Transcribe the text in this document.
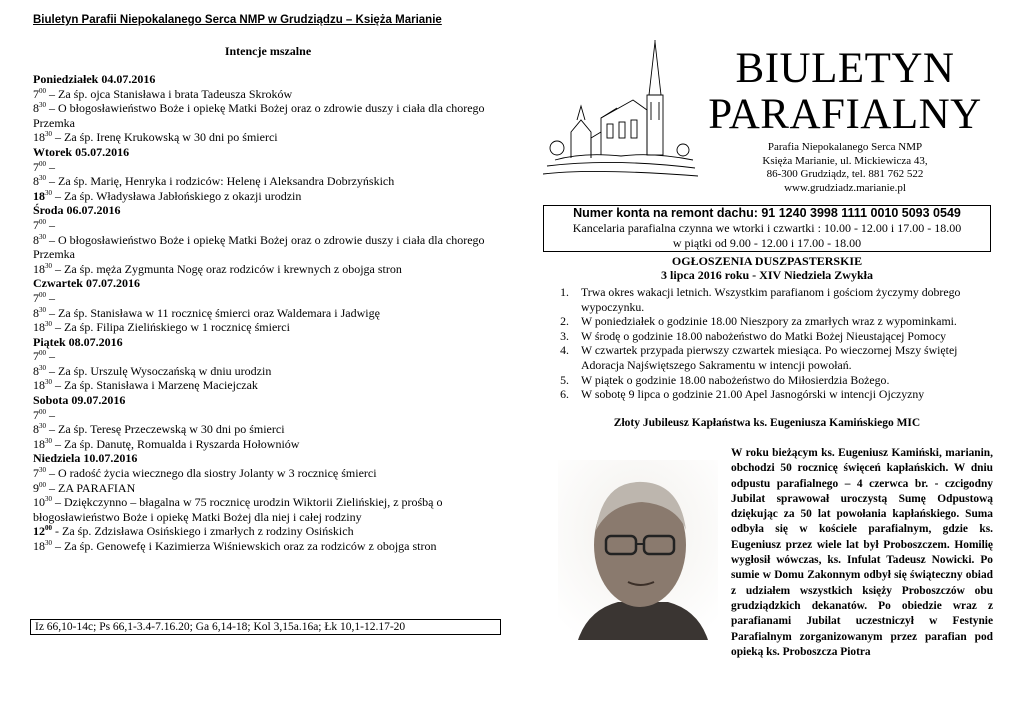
Biuletyn Parafii Niepokalanego Serca NMP w Grudziądzu – Księża Marianie
Intencje mszalne
Poniedziałek 04.07.2016
$7^{00}$ – Za śp. ojca Stanisława i brata Tadeusza Skroków
$8^{30}$ – O błogosławieństwo Boże i opiekę Matki Bożej oraz o zdrowie duszy i ciała dla chorego Przemka
$18^{30}$ – Za śp. Irenę Krukowską w 30 dni po śmierci
Wtorek 05.07.2016
$7^{00}$ –
$8^{30}$ – Za śp. Marię, Henryka i rodziców: Helenę i Aleksandra Dobrzyńskich
$18^{30}$ – Za śp. Władysława Jabłońskiego z okazji urodzin
Środa 06.07.2016
$7^{00}$ –
$8^{30}$ – O błogosławieństwo Boże i opiekę Matki Bożej oraz o zdrowie duszy i ciała dla chorego Przemka
$18^{30}$ – Za śp. męża Zygmunta Nogę oraz rodziców i krewnych z obojga stron
Czwartek 07.07.2016
$7^{00}$ –
$8^{30}$ – Za śp. Stanisława w 11 rocznicę śmierci oraz Waldemara i Jadwigę
$18^{30}$ – Za śp. Filipa Zielińskiego w 1 rocznicę śmierci
Piątek 08.07.2016
$7^{00}$ –
$8^{30}$ – Za śp. Urszulę Wysoczańską w dniu urodzin
$18^{30}$ – Za śp. Stanisława i Marzenę Maciejczak
Sobota 09.07.2016
$7^{00}$ –
$8^{30}$ – Za śp. Teresę Przeczewską w 30 dni po śmierci
$18^{30}$ – Za śp. Danutę, Romualda i Ryszarda Hołowniów
Niedziela 10.07.2016
$7^{30}$ – O radość życia wiecznego dla siostry Jolanty w 3 rocznicę śmierci
$9^{00}$ – ZA PARAFIAN
$10^{30}$ – Dziękczynno – błagalna w 75 rocznicę urodzin Wiktorii Zielińskiej, z prośbą o błogosławieństwo Boże i opiekę Matki Bożej dla niej i całej rodziny
$12^{00}$ - Za śp. Zdzisława Osińskiego i zmarłych z rodziny Osińskich
$18^{30}$ – Za śp. Genowefę i Kazimierza Wiśniewskich oraz za rodziców z obojga stron
Iz 66,10-14c; Ps 66,1-3.4-7.16.20; Ga 6,14-18; Kol 3,15a.16a; Łk 10,1-12.17-20
BIULETYN
PARAFIALNY
Parafia Niepokalanego Serca NMP
Księża Marianie, ul. Mickiewicza 43,
86-300 Grudziądz, tel. 881 762 522
www.grudziadz.marianie.pl
Numer konta na remont dachu: 91 1240 3998 1111 0010 5093 0549
Kancelaria parafialna czynna we wtorki i czwartki : 10.00 - 12.00 i 17.00 - 18.00
w piątki od 9.00 - 12.00 i 17.00 - 18.00
OGŁOSZENIA DUSZPASTERSKIE
3 lipca 2016 roku - XIV Niedziela Zwykła
1. Trwa okres wakacji letnich. Wszystkim parafianom i gościom życzymy dobrego wypoczynku.
2. W poniedziałek o godzinie 18.00 Nieszpory za zmarłych wraz z wypominkami.
3. W środę o godzinie 18.00 nabożeństwo do Matki Bożej Nieustającej Pomocy
4. W czwartek przypada pierwszy czwartek miesiąca. Po wieczornej Mszy świętej Adoracja Najświętszego Sakramentu w intencji powołań.
5. W piątek o godzinie 18.00 nabożeństwo do Miłosierdzia Bożego.
6. W sobotę 9 lipca o godzinie 21.00 Apel Jasnogórski w intencji Ojczyzny
Złoty Jubileusz Kapłaństwa ks. Eugeniusza Kamińskiego MIC
W roku bieżącym ks. Eugeniusz Kamiński, marianin, obchodzi 50 rocznicę święceń kapłańskich. W dniu odpustu parafialnego – 4 czerwca br. - czcigodny Jubilat sprawował uroczystą Sumę Odpustową dziękując za 50 lat powołania kapłańskiego. Suma odbyła się w kościele parafialnym, gdzie ks. Eugeniusz przez wiele lat był Proboszczem. Homilię wygłosił wówczas, ks. Infulat Tadeusz Nowicki. Po sumie w Domu Zakonnym odbył się świąteczny obiad z udziałem wszystkich księży Proboszczów obu grudziądzkich dekanatów. Po obiedzie wraz z parafianami Jubilat uczestniczył w Festynie Parafialnym zorganizowanym przez parafian pod opieką ks. Proboszcza Piotra
